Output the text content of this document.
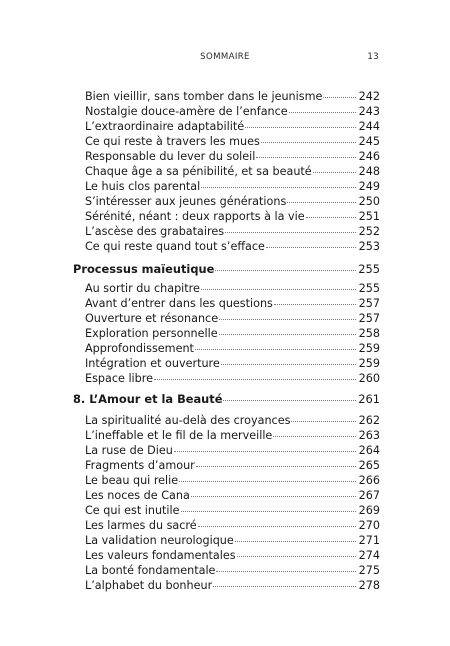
SOMMAIRE	13
Bien vieillir, sans tomber dans le jeunisme	242
Nostalgie douce-amère de l’enfance	243
L’extraordinaire adaptabilité	244
Ce qui reste à travers les mues	245
Responsable du lever du soleil	246
Chaque âge a sa pénibilité, et sa beauté	248
Le huis clos parental	249
S’intéresser aux jeunes générations	250
Sérénité, néant : deux rapports à la vie	251
L’ascèse des grabataires	252
Ce qui reste quand tout s’efface	253
Processus maïeutique	255
Au sortir du chapitre	255
Avant d’entrer dans les questions	257
Ouverture et résonance	257
Exploration personnelle	258
Approfondissement	259
Intégration et ouverture	259
Espace libre	260
8. L’Amour et la Beauté	261
La spiritualité au-delà des croyances	262
L’ineffable et le fil de la merveille	263
La ruse de Dieu	264
Fragments d’amour	265
Le beau qui relie	266
Les noces de Cana	267
Ce qui est inutile	269
Les larmes du sacré	270
La validation neurologique	271
Les valeurs fondamentales	274
La bonté fondamentale	275
L’alphabet du bonheur	278
